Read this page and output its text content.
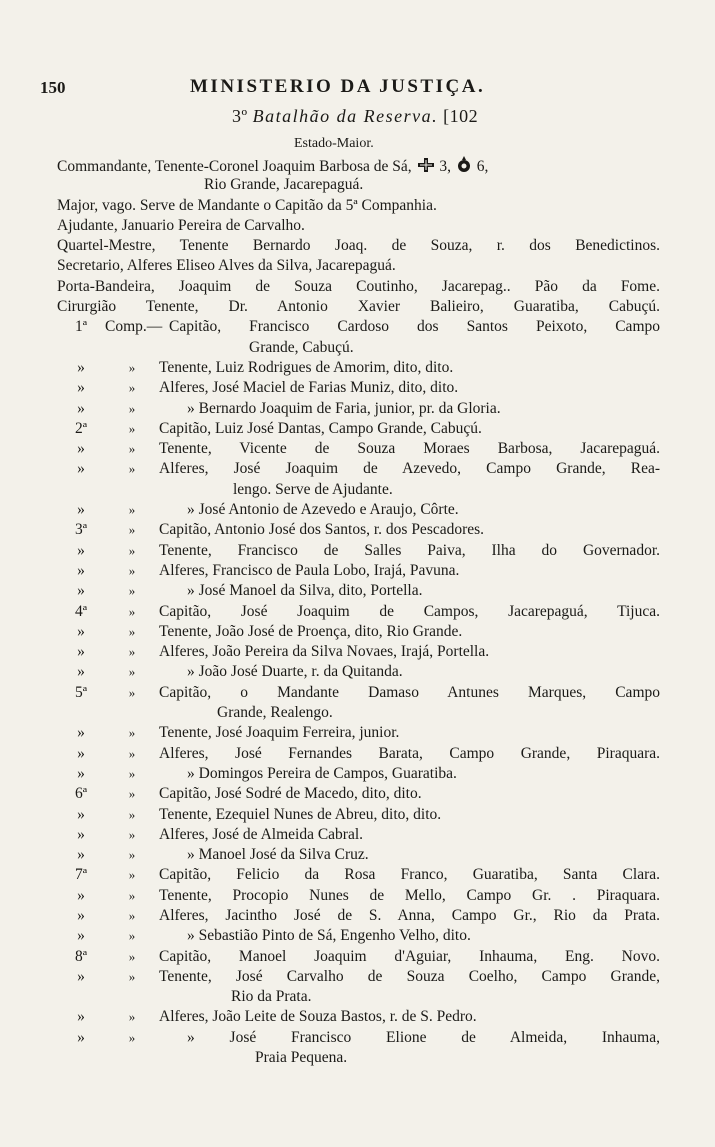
150	MINISTERIO DA JUSTIÇA.
3º Batalhão da Reserva. [102
Estado-Maior.
Commandante, Tenente-Coronel Joaquim Barbosa de Sá, 3, 6,
Rio Grande, Jacarepaguá.
Major, vago. Serve de Mandante o Capitão da 5ª Companhia.
Ajudante, Januario Pereira de Carvalho.
Quartel-Mestre, Tenente Bernardo Joaq. de Souza, r. dos Benedictinos.
Secretario, Alferes Eliseo Alves da Silva, Jacarepaguá.
Porta-Bandeira, Joaquim de Souza Coutinho, Jacarepag.. Pão da Fome.
Cirurgião Tenente, Dr. Antonio Xavier Balieiro, Guaratiba, Cabuçú.
1ª	Comp.— Capitão, Francisco Cardoso dos Santos Peixoto, Campo
Grande, Cabuçú.
»	»	Tenente, Luiz Rodrigues de Amorim, dito, dito.
»	»	Alferes, José Maciel de Farias Muniz, dito, dito.
»	»	» Bernardo Joaquim de Faria, junior, pr. da Gloria.
2ª	»	Capitão, Luiz José Dantas, Campo Grande, Cabuçú.
»	»	Tenente, Vicente de Souza Moraes Barbosa, Jacarepaguá.
»	»	Alferes, José Joaquim de Azevedo, Campo Grande, Rea-
lengo. Serve de Ajudante.
»	»	» José Antonio de Azevedo e Araujo, Côrte.
3ª	»	Capitão, Antonio José dos Santos, r. dos Pescadores.
»	»	Tenente, Francisco de Salles Paiva, Ilha do Governador.
»	»	Alferes, Francisco de Paula Lobo, Irajá, Pavuna.
»	»	» José Manoel da Silva, dito, Portella.
4ª	»	Capitão, José Joaquim de Campos, Jacarepaguá, Tijuca.
»	»	Tenente, João José de Proença, dito, Rio Grande.
»	»	Alferes, João Pereira da Silva Novaes, Irajá, Portella.
»	»	» João José Duarte, r. da Quitanda.
5ª	»	Capitão, o Mandante Damaso Antunes Marques, Campo
Grande, Realengo.
»	»	Tenente, José Joaquim Ferreira, junior.
»	»	Alferes, José Fernandes Barata, Campo Grande, Piraquara.
»	»	» Domingos Pereira de Campos, Guaratiba.
6ª	»	Capitão, José Sodré de Macedo, dito, dito.
»	»	Tenente, Ezequiel Nunes de Abreu, dito, dito.
»	»	Alferes, José de Almeida Cabral.
»	»	» Manoel José da Silva Cruz.
7ª	»	Capitão, Felicio da Rosa Franco, Guaratiba, Santa Clara.
»	»	Tenente, Procopio Nunes de Mello, Campo Gr. . Piraquara.
»	»	Alferes, Jacintho José de S. Anna, Campo Gr., Rio da Prata.
»	»	» Sebastião Pinto de Sá, Engenho Velho, dito.
8ª	»	Capitão, Manoel Joaquim d'Aguiar, Inhauma, Eng. Novo.
»	»	Tenente, José Carvalho de Souza Coelho, Campo Grande,
Rio da Prata.
»	»	Alferes, João Leite de Souza Bastos, r. de S. Pedro.
»	»	» José Francisco Elione de Almeida, Inhauma,
Praia Pequena.
